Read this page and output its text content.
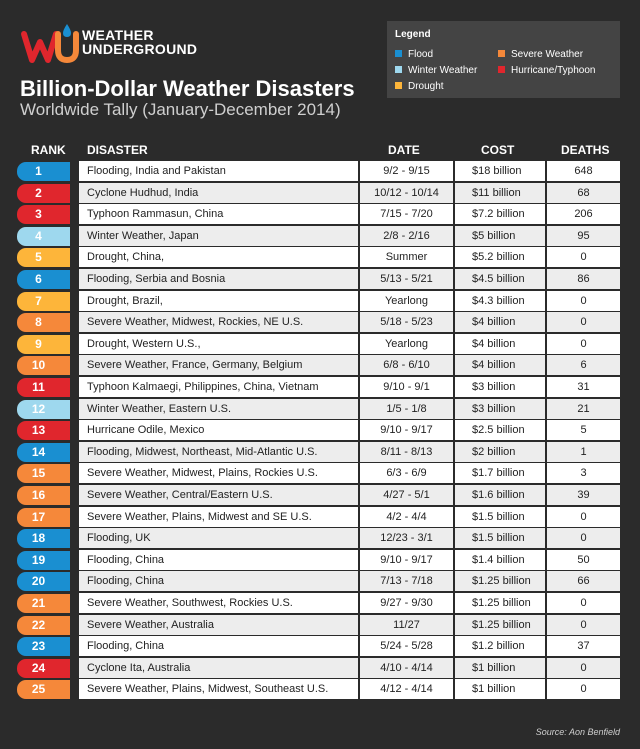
WEATHER
UNDERGROUND
Billion-Dollar Weather Disasters
Worldwide Tally (January-December 2014)
Legend
Flood	Severe Weather
Winter Weather	Hurricane/Typhoon
Drought
RANK DISASTER	DATE	COST	DEATHS
1	Flooding, India and Pakistan	9/2 - 9/15	$18 billion	648
2	Cyclone Hudhud, India	10/12 - 10/14	$11 billion	68
3	Typhoon Rammasun, China	7/15 - 7/20	$7.2 billion	206
4	Winter Weather, Japan	2/8 - 2/16	$5 billion	95
5	Drought, China,	Summer	$5.2 billion	0
6	Flooding, Serbia and Bosnia	5/13 - 5/21	$4.5 billion	86
7	Drought, Brazil,	Yearlong	$4.3 billion	0
8	Severe Weather, Midwest, Rockies, NE U.S.	5/18 - 5/23	$4 billion	0
9	Drought, Western U.S.,	Yearlong	$4 billion	0
10	Severe Weather, France, Germany, Belgium	6/8 - 6/10	$4 billion	6
11	Typhoon Kalmaegi, Philippines, China, Vietnam	9/10 - 9/1	$3 billion	31
12	Winter Weather, Eastern U.S.	1/5 - 1/8	$3 billion	21
13	Hurricane Odile, Mexico	9/10 - 9/17	$2.5 billion	5
14	Flooding, Midwest, Northeast, Mid-Atlantic U.S.	8/11 - 8/13	$2 billion	1
15	Severe Weather, Midwest, Plains, Rockies U.S.	6/3 - 6/9	$1.7 billion	3
16	Severe Weather, Central/Eastern U.S.	4/27 - 5/1	$1.6 billion	39
17	Severe Weather, Plains, Midwest and SE U.S.	4/2 - 4/4	$1.5 billion	0
18	Flooding, UK	12/23 - 3/1	$1.5 billion	0
19	Flooding, China	9/10 - 9/17	$1.4 billion	50
20	Flooding, China	7/13 - 7/18	$1.25 billion	66
21	Severe Weather, Southwest, Rockies U.S.	9/27 - 9/30	$1.25 billion	0
22	Severe Weather, Australia	11/27	$1.25 billion	0
23	Flooding, China	5/24 - 5/28	$1.2 billion	37
24	Cyclone Ita, Australia	4/10 - 4/14	$1 billion	0
25	Severe Weather, Plains, Midwest, Southeast U.S.	4/12 - 4/14	$1 billion	0
Source: Aon Benfield
